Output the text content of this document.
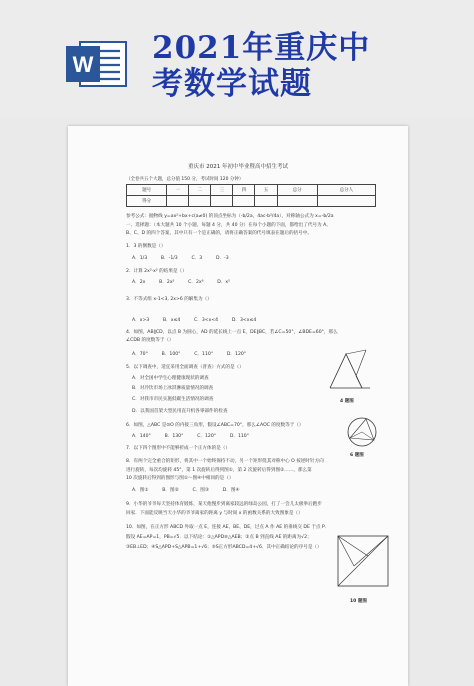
W 2021年重庆中
考数学试题
重庆市 2021 年初中毕业暨高中招生考试
（全卷共五个大题，总分值 150 分，考试时间 120 分钟）
题号	一	二	三	四	五	总分	总分人
得分							
参考公式：抛物线 y=ax²+bx+c(a≠0) 的顶点坐标为（-b/2a，4ac-b²/4a），对称轴公式为 x=-b/2a
一、选择题：（本大题共 10 个小题，每题 4 分，共 40 分）在每个小题的下面，都给出了代号为 A、
B、C、D 的四个答案，其中只有一个是正确的，请将正确答案的代号填表在题后的括号中。
1．3 的倒数是（）
A．1/3　　　B．-1/3　　　C．3　　　D．-3
2．计算 2x³·x² 的结果是（）
A．2x　　　B．2x⁵　　　C．2x⁶　　　D．x⁵
3．不等式组 x-1<3, 2x>6 的解集为（）
A．x>3　　　B．x≤4　　　C．3<x<4　　　D．3<x≤4
4．如图，AB∥CD，以点 B 为圆心，AD 的延长线上一点 E，DE∥BC，若∠C=50°，∠BDE=60°，那么
∠CDB 的度数等于（）
A．70°　　　B．100°　　　C．110°　　　D．120°
4 题图
5．以下调查中，适宜采用全面调查（普查）方式的是（）
A．对全国中学生心理健康现状的调查
B．对冷饮市场上冰淇淋质量情况的调查
C．对我市市民实施低碳生活情况的调查
D．以我国首架大型民用直升机各零部件的检查
6．如图，△ABC 是⊙O 的内接三角形，假设∠ABC=70°，那么∠AOC 的度数等于（）
A．140°　　　B．130°　　　C．120°　　　D．110°
6 题图
7．以下四个图形中不能够折成一个正方体的是（）
8．有两个完全重合的矩形，将其中一个始终保持不动，另一个矩形绕其对称中心 O 按逆时针方向
进行旋转，每次均旋转 45°，第 1 次旋转后得到图①，第 2 次旋转后得到图②……，那么第
10 次旋转后得到的图形与图①～图④中相同的是（）
A．图①　　　B．图②　　　C．图③　　　D．图④
9．小华的爷爷每天坚持体育锻炼，某天他慢步到离家较远的绿岛公园，打了一会儿太极拳后跑步
回家．下面能反映当天小华的爷爷离家的距离 y 与时间 x 的函数关系的大致图象是（）
10．如图，在正方形 ABCD 外取一点 E，连接 AE、BE、DE，过点 A 作 AE 的垂线交 DE 于点 P．
假设 AE=AP=1，PB=√5．以下结论：①△APD≌△AEB；②点 B 到直线 AE 的距离为√2；
③EB⊥ED；④S△APD+S△APB=1+√6；⑤S正方形ABCD=4+√6．其中正确结论的序号是（）
10 题图
